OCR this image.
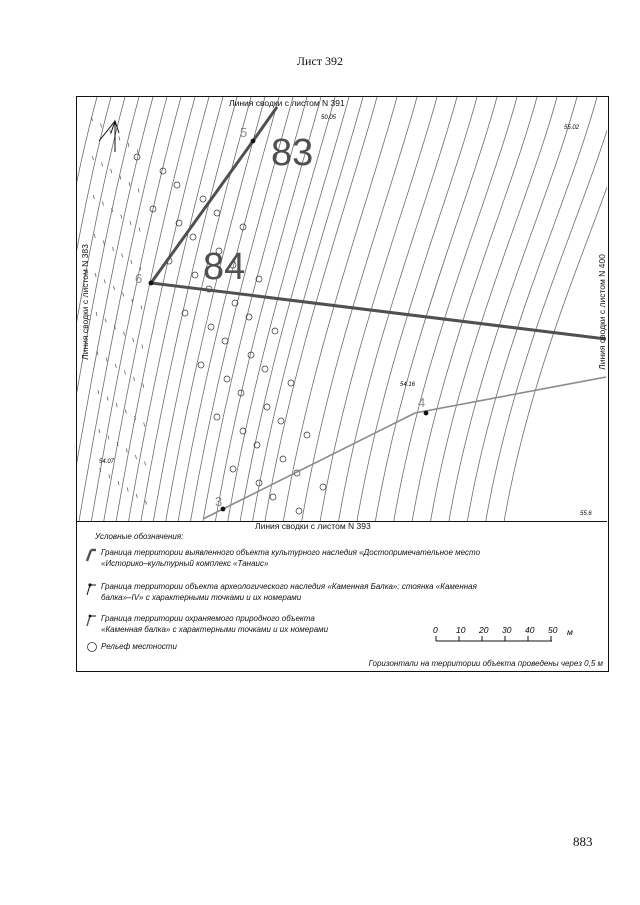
Лист 392
83
84
5
6
3
4
50.05
55.02
54.16
55.6
54.07
Линия сводки с листом N 391
Линия сводки с листом N 383	Линия сводки с листом N 400
Линия сводки с листом N 393
Условные обозначения:
Граница территории выявленного объекта культурного наследия «Достопримечательное место
«Историко–культурный комплекс «Танаис»
Граница территории объекта археологического наследия «Каменная Балка»: стоянка «Каменная
балка»–IV» с характерными точками и их номерами
Граница территории охраняемого природного объекта
«Каменная балка» с характерными точками и их номерами
Рельеф местности
0 10 20 30 40 50 м
Горизонтали на территории объекта проведены через 0,5 м
883
